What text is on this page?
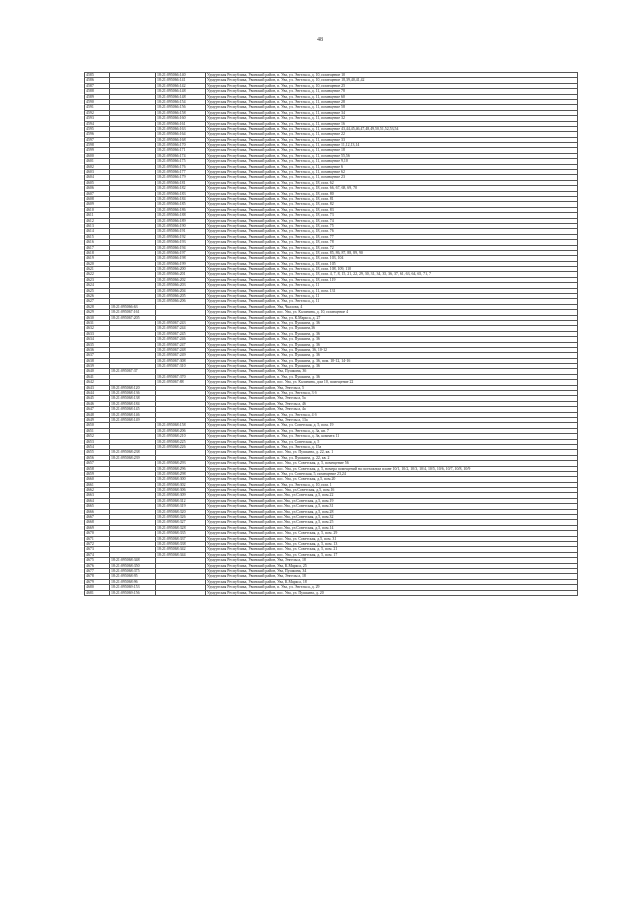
48
4585		18:21:095066:140	Удмуртская Республика, Увинский район, п. Ува, ул. Энгельса, д. 10, помещение 10
4586		18:21:095066:141	Удмуртская Республика, Увинский район, п. Ува, ул. Энгельса, д. 10, помещение 18,39,40,41,42
4587		18:21:095066:142	Удмуртская Республика, Увинский район, п. Ува, ул. Энгельса, д. 10, помещение 25
4588		18:21:095066:148	Удмуртская Республика, Увинский район, п. Ува, ул. Энгельса, д. 11, помещение 78
4589		18:21:095066:148	Удмуртская Республика, Увинский район, п. Ува, ул. Энгельса, д. 11, помещение 60
4590		18:21:095066:154	Удмуртская Республика, Увинский район, п. Ува, ул. Энгельса, д. 11, помещение 28
4591		18:21:095066:156	Удмуртская Республика, Увинский район, п. Ува, ул. Энгельса, д. 11, помещение 58
4592		18:21:095066:158	Удмуртская Республика, Увинский район, п. Ува, ул. Энгельса, д. 11, помещение 34
4593		18:21:095066:160	Удмуртская Республика, Увинский район, п. Ува, ул. Энгельса, д. 11, помещение 32
4594		18:21:095066:161	Удмуртская Республика, Увинский район, п. Ува, ул. Энгельса, д. 11, помещение 16
4595		18:21:095066:163	Удмуртская Республика, Увинский район, п. Ува, ул. Энгельса, д. 11, помещение 43,44,45,46,47,48,49,50,51,52,53,54
4596		18:21:095066:164	Удмуртская Республика, Увинский район, п. Ува, ул. Энгельса, д. 11, помещение 22
4597		18:21:095066:168	Удмуртская Республика, Увинский район, п. Ува, ул. Энгельса, д. 11, помещение 33
4598		18:21:095066:170	Удмуртская Республика, Увинский район, п. Ува, ул. Энгельса, д. 11, помещение 11,12,13,14
4599		18:21:095066:171	Удмуртская Республика, Увинский район, п. Ува, ул. Энгельса, д. 11, помещение 18
4600		18:21:095066:174	Удмуртская Республика, Увинский район, п. Ува, ул. Энгельса, д. 11, помещение 55,56
4601		18:21:095066:175	Удмуртская Республика, Увинский район, п. Ува, ул. Энгельса, д. 11, помещение 9,10
4602		18:21:095066:176	Удмуртская Республика, Увинский район, п. Ува, ул. Энгельса, д. 11, помещение 6
4603		18:21:095066:177	Удмуртская Республика, Увинский район, п. Ува, ул. Энгельса, д. 11, помещение 62
4604		18:21:095066:179	Удмуртская Республика, Увинский район, п. Ува, ул. Энгельса, д. 11, помещение 23
4605		18:21:095066:181	Удмуртская Республика, Увинский район, п. Ува, ул. Энгельса, д. 18, пом. 62
4606		18:21:095066:182	Удмуртская Республика, Увинский район, п. Ува, ул. Энгельса, д. 18, пом. 66, 67, 68, 69, 70
4607		18:21:095066:183	Удмуртская Республика, Увинский район, п. Ува, ул. Энгельса, д. 18, пом. 80
4608		18:21:095066:184	Удмуртская Республика, Увинский район, п. Ува, ул. Энгельса, д. 18, пом. 81
4609		18:21:095066:185	Удмуртская Республика, Увинский район, п. Ува, ул. Энгельса, д. 18, пом. 82
4610		18:21:095066:186	Удмуртская Республика, Увинский район, п. Ува, ул. Энгельса, д. 18, пом. 83
4611		18:21:095066:188	Удмуртская Республика, Увинский район, п. Ува, ул. Энгельса, д. 18, пом. 73
4612		18:21:095066:189	Удмуртская Республика, Увинский район, п. Ува, ул. Энгельса, д. 18, пом. 74
4613		18:21:095066:190	Удмуртская Республика, Увинский район, п. Ува, ул. Энгельса, д. 18, пом. 75
4614		18:21:095066:191	Удмуртская Республика, Увинский район, п. Ува, ул. Энгельса, д. 18, пом. 76
4615		18:21:095066:192	Удмуртская Республика, Увинский район, п. Ува, ул. Энгельса, д. 18, пом. 77
4616		18:21:095066:193	Удмуртская Республика, Увинский район, п. Ува, ул. Энгельса, д. 18, пом. 78
4617		18:21:095066:194	Удмуртская Республика, Увинский район, п. Ува, ул. Энгельса, д. 18, пом. 72
4618		18:21:095066:197	Удмуртская Республика, Увинский район, п. Ува, ул. Энгельса, д. 18, пом. 85, 86, 87, 88, 89, 90
4619		18:21:095066:198	Удмуртская Республика, Увинский район, п. Ува, ул. Энгельса, д. 18, пом. 103, 104
4620		18:21:095066:199	Удмуртская Республика, Увинский район, п. Ува, ул. Энгельса, д. 18, пом. 105
4621		18:21:095066:200	Удмуртская Республика, Увинский район, п. Ува, ул. Энгельса, д. 18, пом. 108, 109, 110
4622		18:21:095066:201	Удмуртская Республика, Увинский район, п. Ува, ул. Энгельса, д. 18, пом. 4, 7, 8, 15, 21, 22, 29, 30, 31, 34, 35, 36, 37, 61, 63, 64, 65, 71, 7
4623		18:21:095066:202	Удмуртская Республика, Увинский район, п. Ува, ул. Энгельса, д. 18, пом. 119
4624		18:21:095066:203	Удмуртская Республика, Увинский район, п. Ува, ул. Энгельса, д. 11
4625		18:21:095066:204	Удмуртская Республика, Увинский район, п. Ува, ул. Энгельса, д. 11, пом. 131
4626		18:21:095066:205	Удмуртская Республика, Увинский район, п. Ува, ул. Энгельса, д. 11
4627		18:21:095066:206	Удмуртская Республика, Увинский район, п. Ува, ул. Энгельса, д. 11
4628	18:21:095066:63		Удмуртская Республика, Увинский район, Ува, Чкалова, 4
4629	18:21:095067:161		Удмуртская Республика, Увинский район, пос. Ува, ул. Калинина, д. 10, помещение 4
4630	18:21:095067:205		Удмуртская Республика, Увинский район, п. Ува, ул. К.Маркса, д. 27
4631		18:21:095067:243	Удмуртская Республика, Увинский район, п. Ува, ул. Пушкина, д. 36
4632		18:21:095067:244	Удмуртская Республика, Увинский район, п. Ува, ул. Пушкина,36
4633		18:21:095067:245	Удмуртская Республика, Увинский район, п. Ува, ул. Пушкина, д. 36
4634		18:21:095067:246	Удмуртская Республика, Увинский район, п. Ува, ул. Пушкина, д. 36
4635		18:21:095067:247	Удмуртская Республика, Увинский район, п. Ува, ул. Пушкина, д. 36
4636		18:21:095067:248	Удмуртская Республика, Увинский район, п. Ува, ул. Пушкина, 36, 10-12
4637		18:21:095067:249	Удмуртская Республика, Увинский район, п. Ува, ул. Пушкина, д. 36
4638		18:21:095067:308	Удмуртская Республика, Увинский район, п. Ува, ул. Пушкина, д. 36, пом. 10-12, 14-16
4639		18:21:095067:310	Удмуртская Республика, Увинский район, п. Ува, ул. Пушкина, д. 36
4640	18:21:095067:37		Удмуртская Республика, Увинский район, Ува, Пушкина, 36
4641		18:21:095067:370	Удмуртская Республика, Увинский район, п. Ува, ул. Пушкина, д. 36
4642		18:21:095067:88	Удмуртская Республика, Увинский район, пос. Ува, ул. Калинина, дом 10, помещение 22
4643	18:21:095068:120		Удмуртская Республика, Увинский район, Ува, Энгельса, 5
4644	18:21:095068:136		Удмуртская Республика, Увинский район, п. Ува, ул. Энгельса, 3 б
4645	18:21:095068:138		Удмуртская Республика, Увинский район, Ува, Энгельса, 5а
4646	18:21:095068:184		Удмуртская Республика, Увинский район, Ува, Энгельса, 46
4647	18:21:095068:145		Удмуртская Республика, Увинский район, Ува, Энгельса, 4а
4648	18:21:095068:146		Удмуртская Республика, Увинский район, п. Ува, ул. Энгельса, 4 б
4649	18:21:095068:149		Удмуртская Республика, Увинский район, Ува, Энгельса, 13а
4650		18:21:095068:158	Удмуртская Республика, Увинский район, п. Ува, ул. Советская, д. 5, пом. 19
4651		18:21:095068:206	Удмуртская Республика, Увинский район, п. Ува, ул. Энгельса, д. 3а, кв. 7
4652		18:21:095068:210	Удмуртская Республика, Увинский район, п. Ува, ул. Энгельса, д. 3в, комната 11
4653		18:21:095068:225	Удмуртская Республика, Увинский район, п. Ува, ул. Советская, д. 5
4654		18:21:095068:226	Удмуртская Республика, Увинский район, п. Ува, ул. Энгельса, д. 15а
4655	18:21:095068:238		Удмуртская Республика, Увинский район, пос. Ува, ул. Пушкина, д. 22, кв. 1
4656	18:21:095068:239		Удмуртская Республика, Увинский район, п. Ува, ул. Пушкина, д. 22, кв. 2
4657		18:21:095068:293	Удмуртская Республика, Увинский район, пос. Ува, ул. Советская, д. 5, помещение 56
4658		18:21:095068:296	Удмуртская Республика, Увинский район, пос. Ува, ул. Советская, д. 5, номера помещений на поэтажном плане 10/1, 10/2, 10/3, 10/4, 10/5, 10/6, 10/7, 10/8, 10/9
4659		18:21:095068:298	Удмуртская Республика, Увинский район, п. Ува, ул. Советская, 5, помещение 23,24
4660		18:21:095068:300	Удмуртская Республика, Увинский район, пос. Ува, ул. Советская, д.5, пом.20
4661		18:21:095068:302	Удмуртская Республика, Увинский район, п. Ува, ул. Энгельса, д. 10, пом. 1
4662		18:21:095068:306	Удмуртская Республика, Увинский район, пос. Ува, ул.Советская, д.5, пом.16
4663		18:21:095068:309	Удмуртская Республика, Увинский район, пос.Ува, ул.Советская, д.5, пом.22
4664		18:21:095068:312	Удмуртская Республика, Увинский район, пос.Ува, ул.Советская, д.5, пом.19
4665		18:21:095068:319	Удмуртская Республика, Увинский район, пос.Ува, ул.Советская, д.5, пом.31
4666		18:21:095068:320	Удмуртская Республика, Увинский район, пос.Ува, ул.Советская, д.5, пом.28
4667		18:21:095068:326	Удмуртская Республика, Увинский район, пос.Ува, ул.Советская, д.5, пом.32
4668		18:21:095068:327	Удмуртская Республика, Увинский район, пос.Ува, ул.Советская, д.5, пом.25
4669		18:21:095068:328	Удмуртская Республика, Увинский район, пос.Ува, ул.Советская, д.5, пом.14
4670		18:21:095068:335	Удмуртская Республика, Увинский район, пос. Ува, ул. Советская, д. 5, пом. 29
4671		18:21:095068:337	Удмуртская Республика, Увинский район, пос. Ува, ул. Советская, д.5, пом. 31
4672		18:21:095068:338	Удмуртская Республика, Увинский район, пос. Ува, ул. Советская, д. 5, пом. 13
4673		18:21:095068:342	Удмуртская Республика, Увинский район, пос. Ува, ул. Советская, д. 5, пом. 21
4674		18:21:095068:344	Удмуртская Республика, Увинский район, пос. Ува, ул. Советская, д. 5, пом. 17
4675	18:21:095068:348		Удмуртская Республика, Увинский район, Ува, Энгельса, 18
4676	18:21:095068:350		Удмуртская Республика, Увинский район, Ува, К.Маркса, 25
4677	18:21:095068:375		Удмуртская Республика, Увинский район, Ува, Пушкина, 34
4678	18:21:095068:95		Удмуртская Республика, Увинский район, Ува, Энгельса, 18
4679	18:21:095068:96		Удмуртская Республика, Увинский район, Ува, К.Маркса, 18
4680	18:21:095069:153		Удмуртская Республика, Увинский район, п. Ува, ул. Энгельса, д. 29
4681	18:21:095069:156		Удмуртская Республика, Увинский район, пос. Ува, ул. Пушкина, д. 20
